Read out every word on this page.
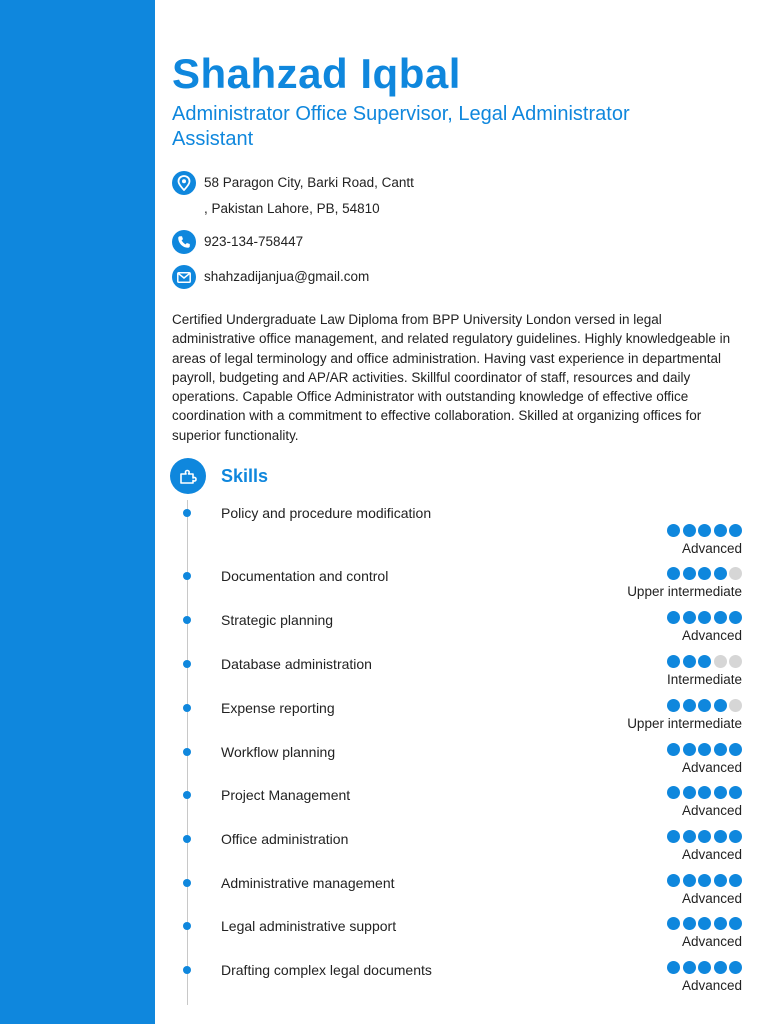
Shahzad Iqbal
Administrator Office Supervisor, Legal Administrator Assistant
58 Paragon City, Barki Road, Cantt
, Pakistan Lahore, PB, 54810
923-134-758447
shahzadijanjua@gmail.com

Certified Undergraduate Law Diploma from BPP University London versed in legal administrative office management, and related regulatory guidelines. Highly knowledgeable in areas of legal terminology and office administration. Having vast experience in departmental payroll, budgeting and AP/AR activities. Skillful coordinator of staff, resources and daily operations. Capable Office Administrator with outstanding knowledge of effective office coordination with a commitment to effective collaboration. Skilled at organizing offices for superior functionality.

Skills
Policy and procedure modification
Advanced
Documentation and control
Upper intermediate
Strategic planning
Advanced
Database administration
Intermediate
Expense reporting
Upper intermediate
Workflow planning
Advanced
Project Management
Advanced
Office administration
Advanced
Administrative management
Advanced
Legal administrative support
Advanced
Drafting complex legal documents
Advanced
